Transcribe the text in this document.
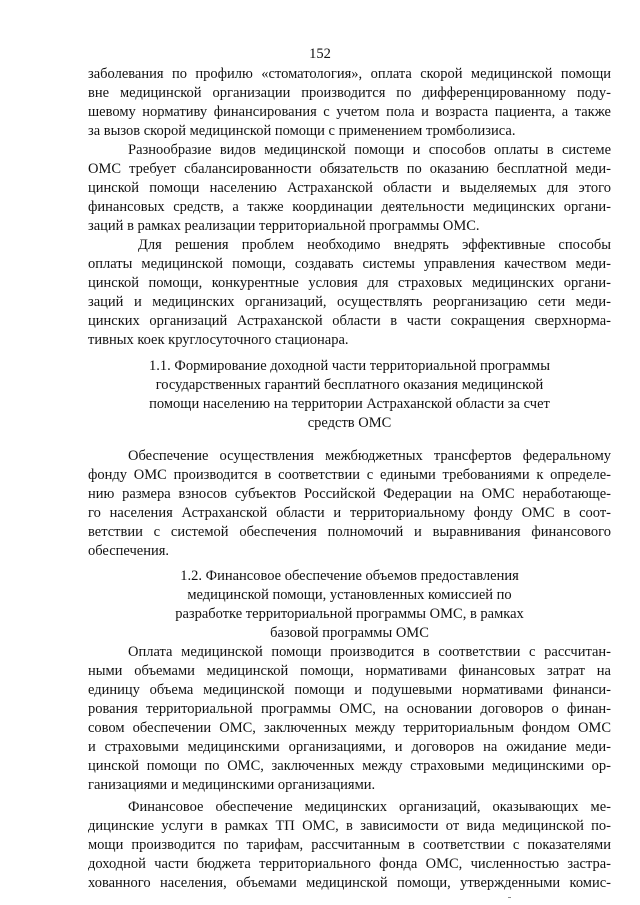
152
заболевания по профилю «стоматология», оплата скорой медицинской помощи
вне медицинской организации производится по дифференцированному поду-
шевому нормативу финансирования с учетом пола и возраста пациента, а также
за вызов скорой медицинской помощи с применением тромболизиса.
Разнообразие видов медицинской помощи и способов оплаты в системе
ОМС требует сбалансированности обязательств по оказанию бесплатной меди-
цинской помощи населению Астраханской области и выделяемых для этого
финансовых средств, а также координации деятельности медицинских органи-
заций в рамках реализации территориальной программы ОМС.
Для решения проблем необходимо внедрять эффективные способы
оплаты медицинской помощи, создавать системы управления качеством меди-
цинской помощи, конкурентные условия для страховых медицинских органи-
заций и медицинских организаций, осуществлять реорганизацию сети меди-
цинских организаций Астраханской области в части сокращения сверхнорма-
тивных коек круглосуточного стационара.
1.1. Формирование доходной части территориальной программы
государственных гарантий бесплатного оказания медицинской
помощи населению на территории Астраханской области за счет
средств ОМС
Обеспечение осуществления межбюджетных трансфертов федеральному
фонду ОМС производится в соответствии с едиными требованиями к определе-
нию размера взносов субъектов Российской Федерации на ОМС неработающе-
го населения Астраханской области и территориальному фонду ОМС в соот-
ветствии с системой обеспечения полномочий и выравнивания финансового
обеспечения.
1.2. Финансовое обеспечение объемов предоставления
медицинской помощи, установленных комиссией по
разработке территориальной программы ОМС, в рамках
базовой программы ОМС
Оплата медицинской помощи производится в соответствии с рассчитан-
ными объемами медицинской помощи, нормативами финансовых затрат на
единицу объема медицинской помощи и подушевыми нормативами финанси-
рования территориальной программы ОМС, на основании договоров о финан-
совом обеспечении ОМС, заключенных между территориальным фондом ОМС
и страховыми медицинскими организациями, и договоров на ожидание меди-
цинской помощи по ОМС, заключенных между страховыми медицинскими ор-
ганизациями и медицинскими организациями.
Финансовое обеспечение медицинских организаций, оказывающих ме-
дицинские услуги в рамках ТП ОМС, в зависимости от вида медицинской по-
мощи производится по тарифам, рассчитанным в соответствии с показателями
доходной части бюджета территориального фонда ОМС, численностью застра-
хованного населения, объемами медицинской помощи, утвержденными комис-
